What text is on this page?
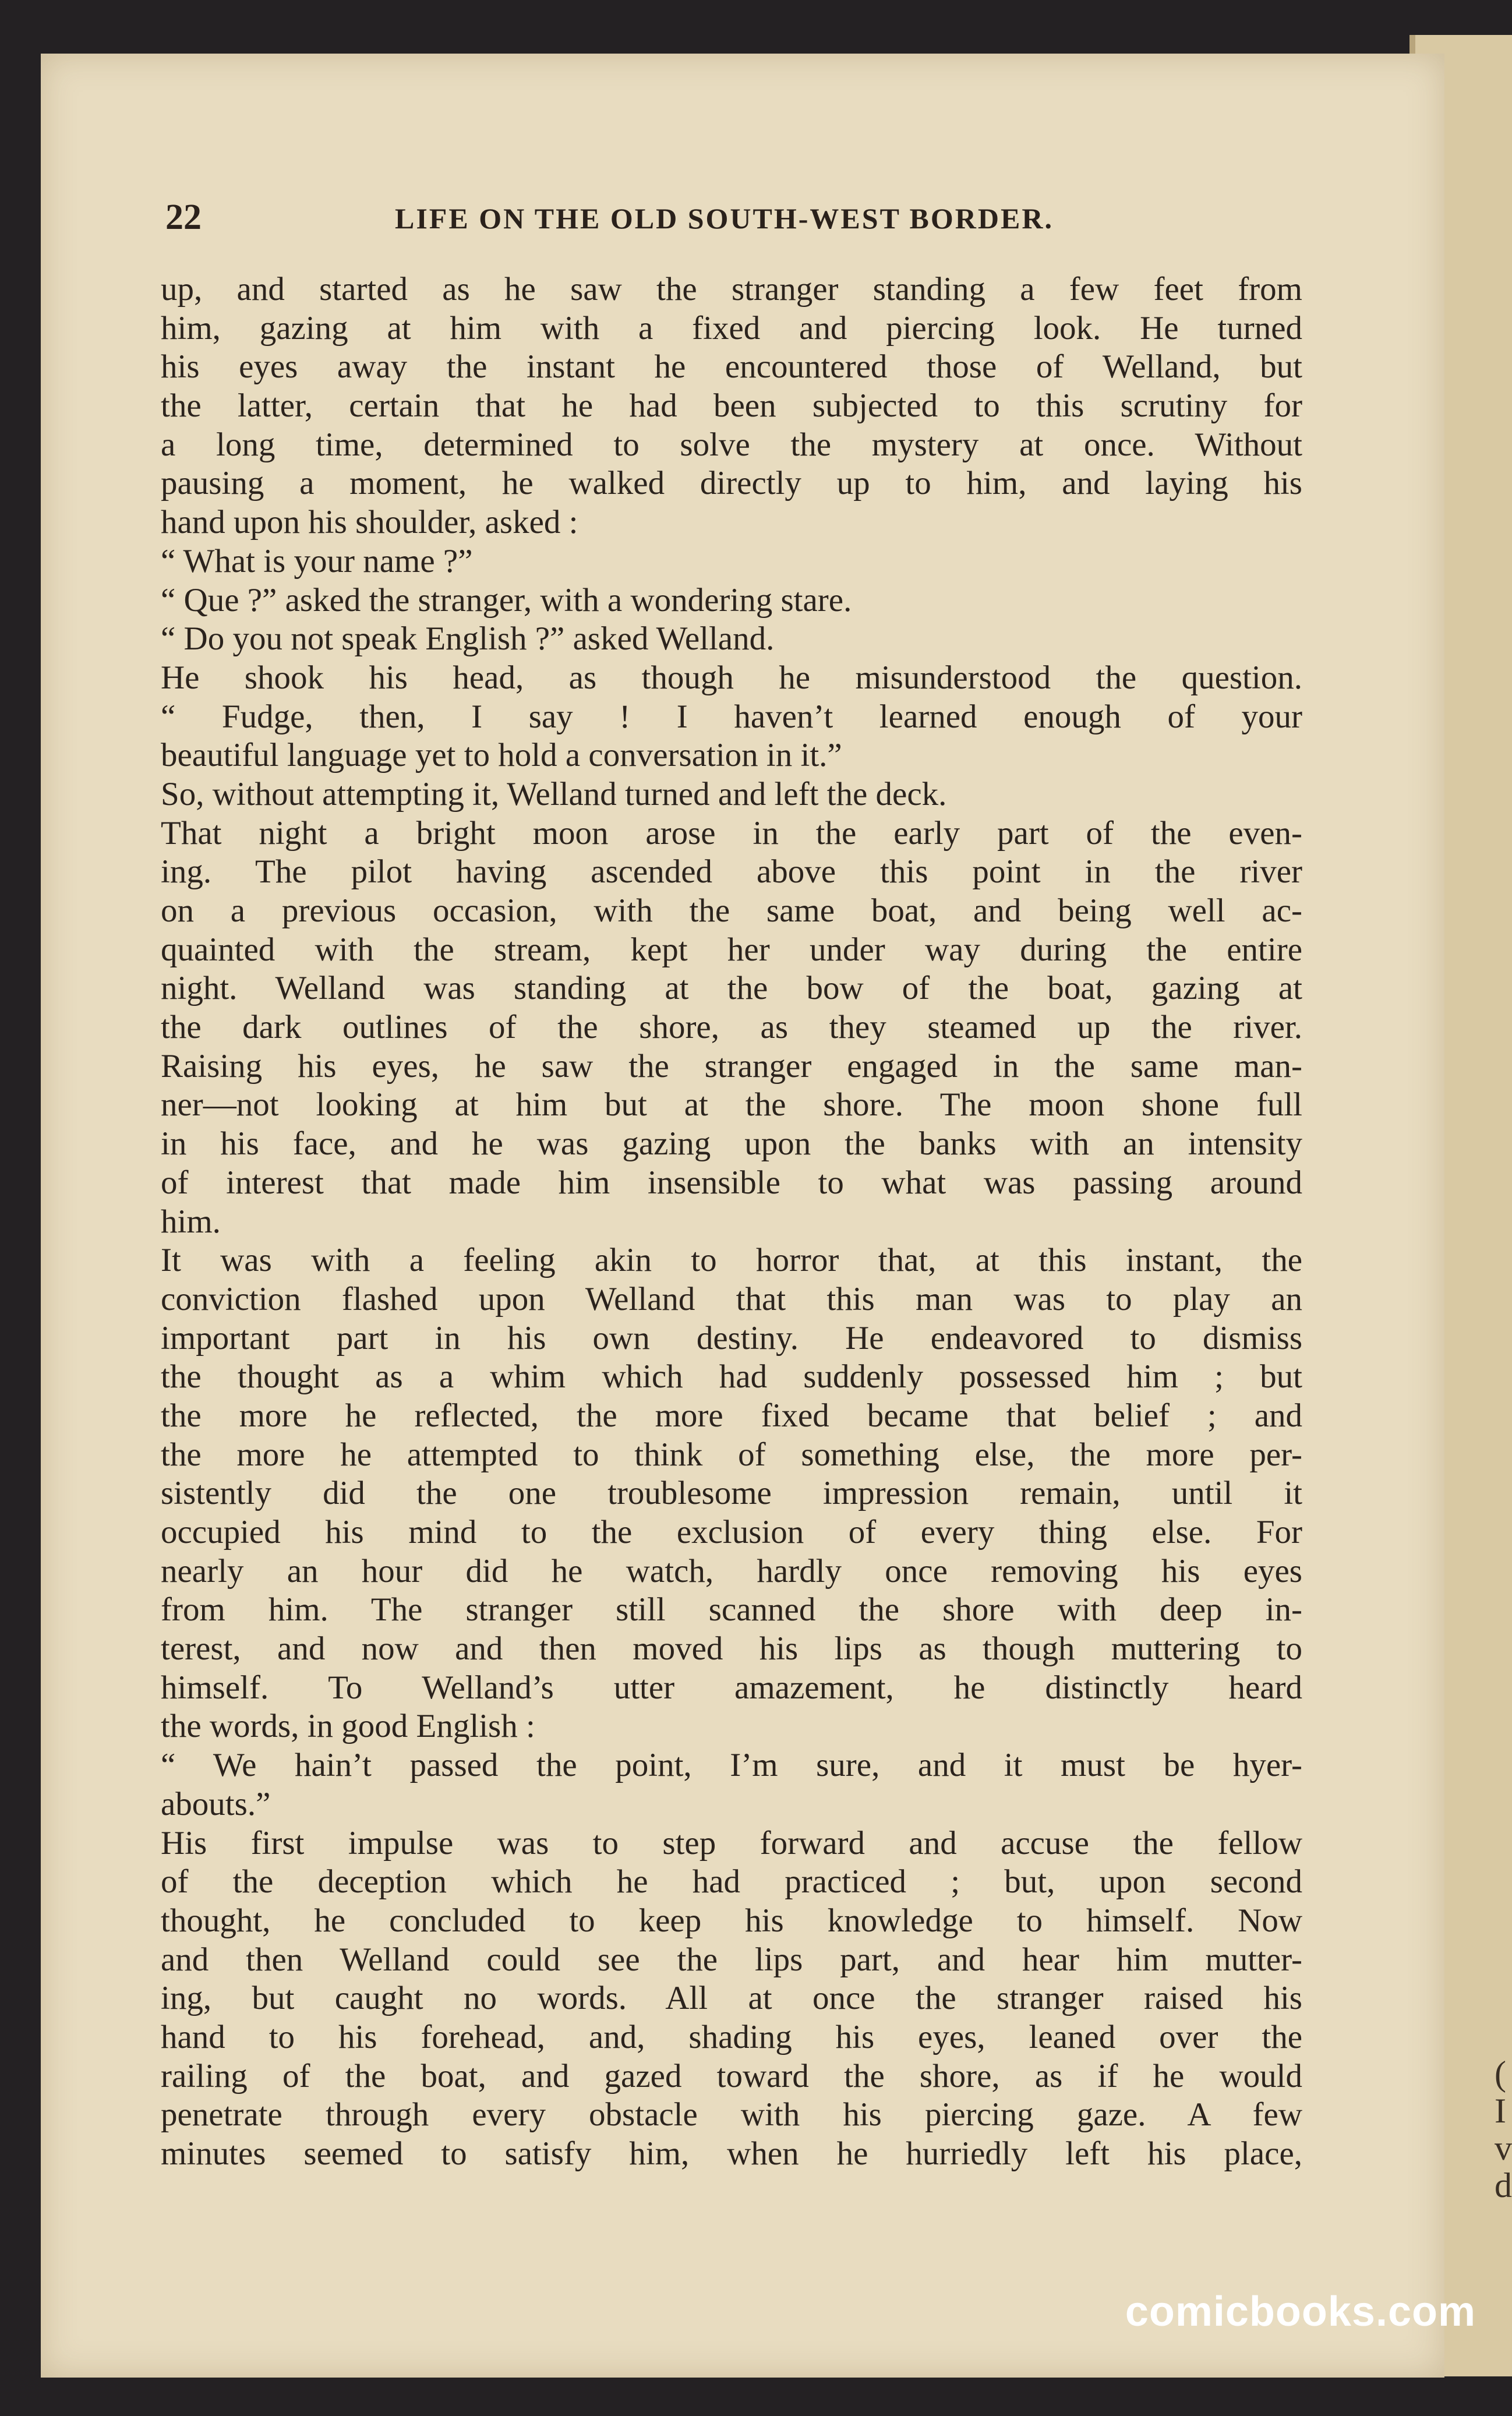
(
I
v
d
22	LIFE ON THE OLD SOUTH-WEST BORDER.
up, and started as he saw the stranger standing a few feet from
him, gazing at him with a fixed and piercing look. He turned
his eyes away the instant he encountered those of Welland, but
the latter, certain that he had been subjected to this scrutiny for
a long time, determined to solve the mystery at once. Without
pausing a moment, he walked directly up to him, and laying his
hand upon his shoulder, asked :
“ What is your name ?”
“ Que ?” asked the stranger, with a wondering stare.
“ Do you not speak English ?” asked Welland.
He shook his head, as though he misunderstood the question.
“ Fudge, then, I say ! I haven’t learned enough of your
beautiful language yet to hold a conversation in it.”
So, without attempting it, Welland turned and left the deck.
That night a bright moon arose in the early part of the even-
ing. The pilot having ascended above this point in the river
on a previous occasion, with the same boat, and being well ac-
quainted with the stream, kept her under way during the entire
night. Welland was standing at the bow of the boat, gazing at
the dark outlines of the shore, as they steamed up the river.
Raising his eyes, he saw the stranger engaged in the same man-
ner—not looking at him but at the shore. The moon shone full
in his face, and he was gazing upon the banks with an intensity
of interest that made him insensible to what was passing around
him.
It was with a feeling akin to horror that, at this instant, the
conviction flashed upon Welland that this man was to play an
important part in his own destiny. He endeavored to dismiss
the thought as a whim which had suddenly possessed him ; but
the more he reflected, the more fixed became that belief ; and
the more he attempted to think of something else, the more per-
sistently did the one troublesome impression remain, until it
occupied his mind to the exclusion of every thing else. For
nearly an hour did he watch, hardly once removing his eyes
from him. The stranger still scanned the shore with deep in-
terest, and now and then moved his lips as though muttering to
himself. To Welland’s utter amazement, he distinctly heard
the words, in good English :
“ We hain’t passed the point, I’m sure, and it must be hyer-
abouts.”
His first impulse was to step forward and accuse the fellow
of the deception which he had practiced ; but, upon second
thought, he concluded to keep his knowledge to himself. Now
and then Welland could see the lips part, and hear him mutter-
ing, but caught no words. All at once the stranger raised his
hand to his forehead, and, shading his eyes, leaned over the
railing of the boat, and gazed toward the shore, as if he would
penetrate through every obstacle with his piercing gaze. A few
minutes seemed to satisfy him, when he hurriedly left his place,
comicbooks.com
